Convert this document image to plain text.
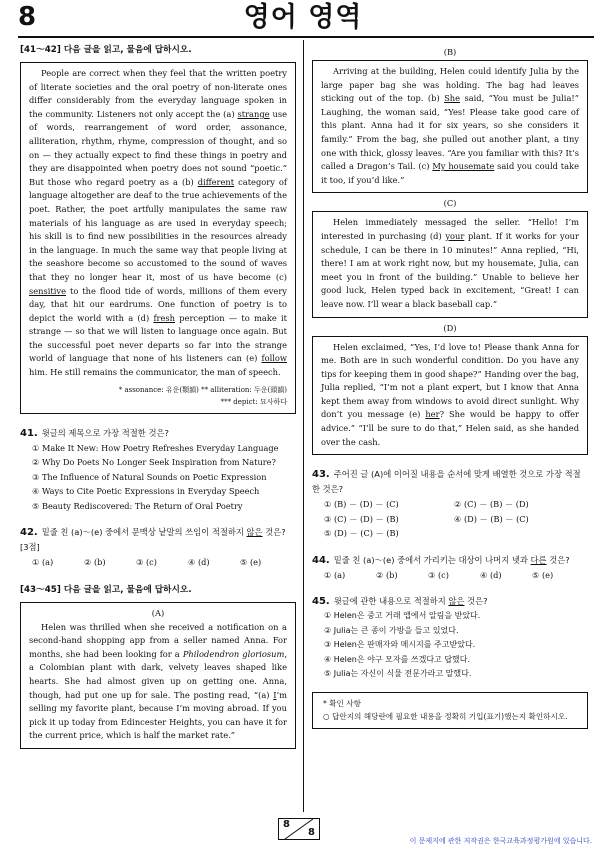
8	영어 영역
[41～42] 다음 글을 읽고, 물음에 답하시오.

People are correct when they feel that the written poetry of literate societies and the oral poetry of non-literate ones differ considerably from the everyday language spoken in the community. Listeners not only accept the (a) strange use of words, rearrangement of word order, assonance, alliteration, rhythm, rhyme, compression of thought, and so on — they actually expect to find these things in poetry and they are disappointed when poetry does not sound “poetic.” But those who regard poetry as a (b) different category of language altogether are deaf to the true achievements of the poet. Rather, the poet artfully manipulates the same raw materials of his language as are used in everyday speech; his skill is to find new possibilities in the resources already in the language. In much the same way that people living at the seashore become so accustomed to the sound of waves that they no longer hear it, most of us have become (c) sensitive to the flood tide of words, millions of them every day, that hit our eardrums. One function of poetry is to depict the world with a (d) fresh perception — to make it strange — so that we will listen to language once again. But the successful poet never departs so far into the strange world of language that none of his listeners can (e) follow him. He still remains the communicator, the man of speech.

* assonance: 유운(類韻) ** alliteration: 두운(頭韻)
*** depict: 묘사하다
41. 윗글의 제목으로 가장 적절한 것은?
① Make It New: How Poetry Refreshes Everyday Language
② Why Do Poets No Longer Seek Inspiration from Nature?
③ The Influence of Natural Sounds on Poetic Expression
④ Ways to Cite Poetic Expressions in Everyday Speech
⑤ Beauty Rediscovered: The Return of Oral Poetry
42. 밑줄 친 (a)～(e) 중에서 문맥상 낱말의 쓰임이 적절하지 않은 것은? [3점]
① (a)	② (b)	③ (c)	④ (d)	⑤ (e)
[43～45] 다음 글을 읽고, 물음에 답하시오.
(A)

Helen was thrilled when she received a notification on a second-hand shopping app from a seller named Anna. For months, she had been looking for a Philodendron gloriosum, a Colombian plant with dark, velvety leaves shaped like hearts. She had almost given up on getting one. Anna, though, had put one up for sale. The posting read, “(a) I’m selling my favorite plant, because I’m moving abroad. If you pick it up today from Edincester Heights, you can have it for the current price, which is half the market rate.”

(B)

Arriving at the building, Helen could identify Julia by the large paper bag she was holding. The bag had leaves sticking out of the top. (b) She said, “You must be Julia!” Laughing, the woman said, “Yes! Please take good care of this plant. Anna had it for six years, so she considers it family.” From the bag, she pulled out another plant, a tiny one with thick, glossy leaves. “Are you familiar with this? It’s called a Dragon’s Tail. (c) My housemate said you could take it too, if you’d like.”

(C)

Helen immediately messaged the seller. “Hello! I’m interested in purchasing (d) your plant. If it works for your schedule, I can be there in 10 minutes!” Anna replied, “Hi, there! I am at work right now, but my housemate, Julia, can meet you in front of the building.” Unable to believe her good luck, Helen typed back in excitement, “Great! I can leave now. I’ll wear a black baseball cap.”

(D)

Helen exclaimed, “Yes, I’d love to! Please thank Anna for me. Both are in such wonderful condition. Do you have any tips for keeping them in good shape?” Handing over the bag, Julia replied, “I’m not a plant expert, but I know that Anna kept them away from windows to avoid direct sunlight. Why don’t you message (e) her? She would be happy to offer advice.” “I’ll be sure to do that,” Helen said, as she handed over the cash.

43. 주어진 글 (A)에 이어질 내용을 순서에 맞게 배열한 것으로 가장 적절한 것은?
① (B) － (D) － (C)	② (C) － (B) － (D)
③ (C) － (D) － (B)	④ (D) － (B) － (C)
⑤ (D) － (C) － (B)
44. 밑줄 친 (a)～(e) 중에서 가리키는 대상이 나머지 넷과 다른 것은?
① (a)	② (b)	③ (c)	④ (d)	⑤ (e)
45. 윗글에 관한 내용으로 적절하지 않은 것은?
① Helen은 중고 거래 앱에서 알림을 받았다.
② Julia는 큰 종이 가방을 들고 있었다.
③ Helen은 판매자와 메시지를 주고받았다.
④ Helen은 야구 모자를 쓰겠다고 답했다.
⑤ Julia는 자신이 식물 전문가라고 말했다.
* 확인 사항
○ 답안지의 해당란에 필요한 내용을 정확히 기입(표기)했는지 확인하시오.
8
8
이 문제지에 관한 저작권은 한국교육과정평가원에 있습니다.
